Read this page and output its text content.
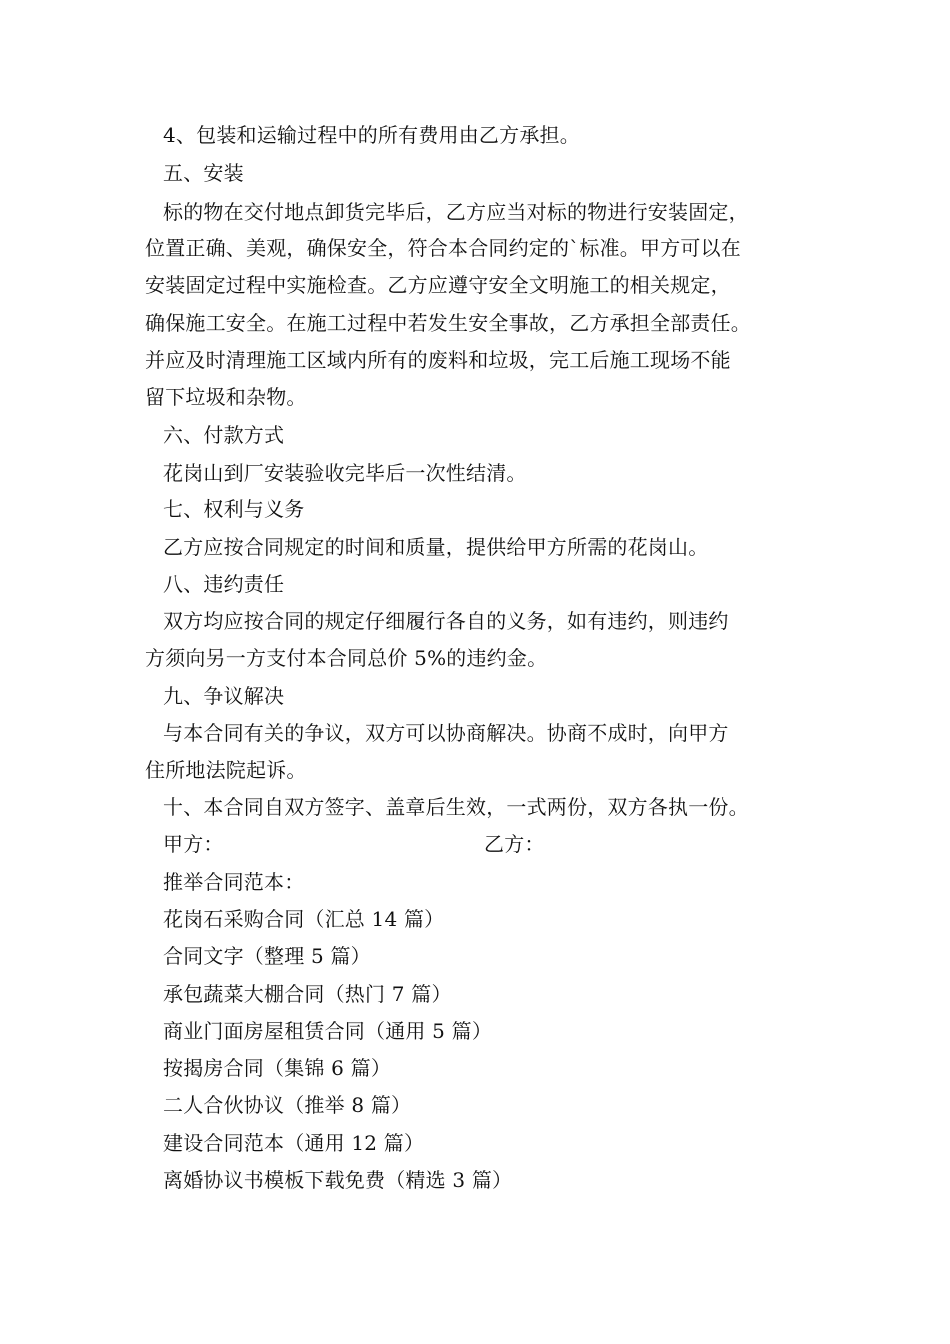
4、包装和运输过程中的所有费用由乙方承担。
五、安装
标的物在交付地点卸货完毕后，乙方应当对标的物进行安装固定，
位置正确、美观，确保安全，符合本合同约定的`标准。甲方可以在
安装固定过程中实施检查。乙方应遵守安全文明施工的相关规定，
确保施工安全。在施工过程中若发生安全事故，乙方承担全部责任。
并应及时清理施工区域内所有的废料和垃圾，完工后施工现场不能
留下垃圾和杂物。
六、付款方式
花岗山到厂安装验收完毕后一次性结清。
七、权利与义务
乙方应按合同规定的时间和质量，提供给甲方所需的花岗山。
八、违约责任
双方均应按合同的规定仔细履行各自的义务，如有违约，则违约
方须向另一方支付本合同总价 5%的违约金。
九、争议解决
与本合同有关的争议，双方可以协商解决。协商不成时，向甲方
住所地法院起诉。
十、本合同自双方签字、盖章后生效，一式两份，双方各执一份。
甲方：	乙方：
推举合同范本：
花岗石采购合同（汇总 14 篇）
合同文字（整理 5 篇）
承包蔬菜大棚合同（热门 7 篇）
商业门面房屋租赁合同（通用 5 篇）
按揭房合同（集锦 6 篇）
二人合伙协议（推举 8 篇）
建设合同范本（通用 12 篇）
离婚协议书模板下载免费（精选 3 篇）
